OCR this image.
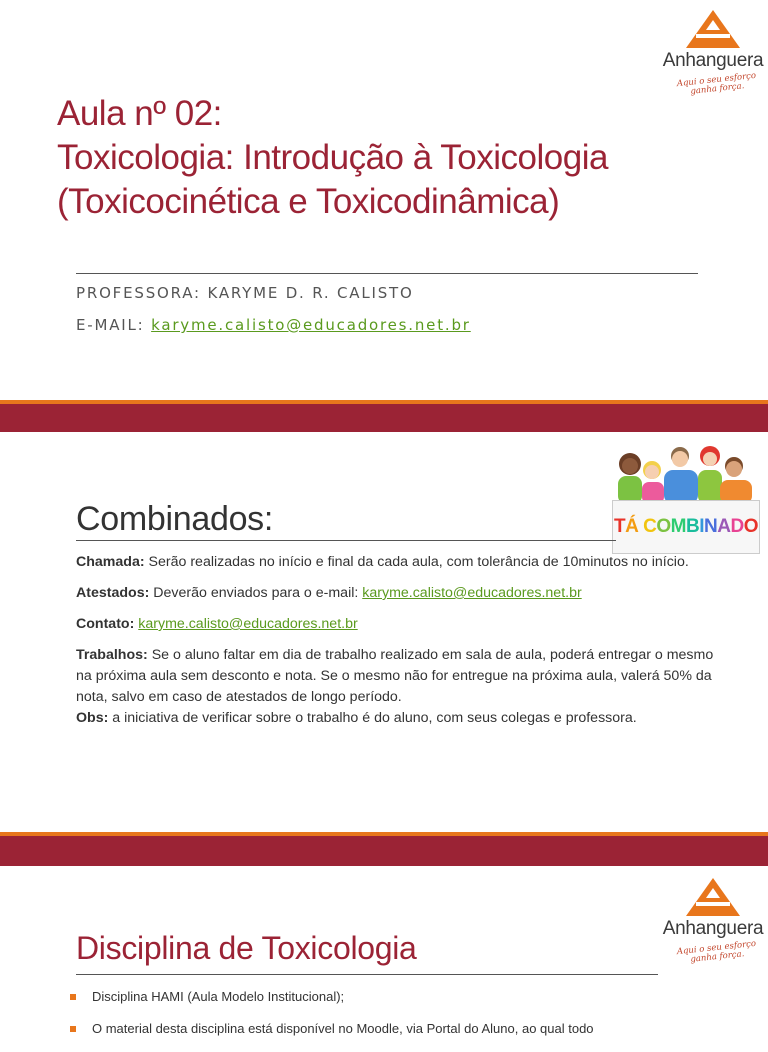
Anhanguera
Aqui o seu esforço ganha força.
Aula nº 02:
Toxicologia: Introdução à Toxicologia
(Toxicocinética e Toxicodinâmica)
PROFESSORA: KARYME D. R. CALISTO
E-MAIL: karyme.calisto@educadores.net.br
TÁ COMBINADO
Combinados:

Chamada: Serão realizadas no início e final da cada aula, com tolerância de 10minutos no início.

Atestados: Deverão enviados para o e-mail: karyme.calisto@educadores.net.br

Contato: karyme.calisto@educadores.net.br

Trabalhos: Se o aluno faltar em dia de trabalho realizado em sala de aula, poderá entregar o mesmo na próxima aula sem desconto e nota. Se o mesmo não for entregue na próxima aula, valerá 50% da nota, salvo em caso de atestados de longo período.

Obs: a iniciativa de verificar sobre o trabalho é do aluno, com seus colegas e professora.

Anhanguera
Aqui o seu esforço ganha força.
Disciplina de Toxicologia
Disciplina HAMI (Aula Modelo Institucional);
O material desta disciplina está disponível no Moodle, via Portal do Aluno, ao qual todo
